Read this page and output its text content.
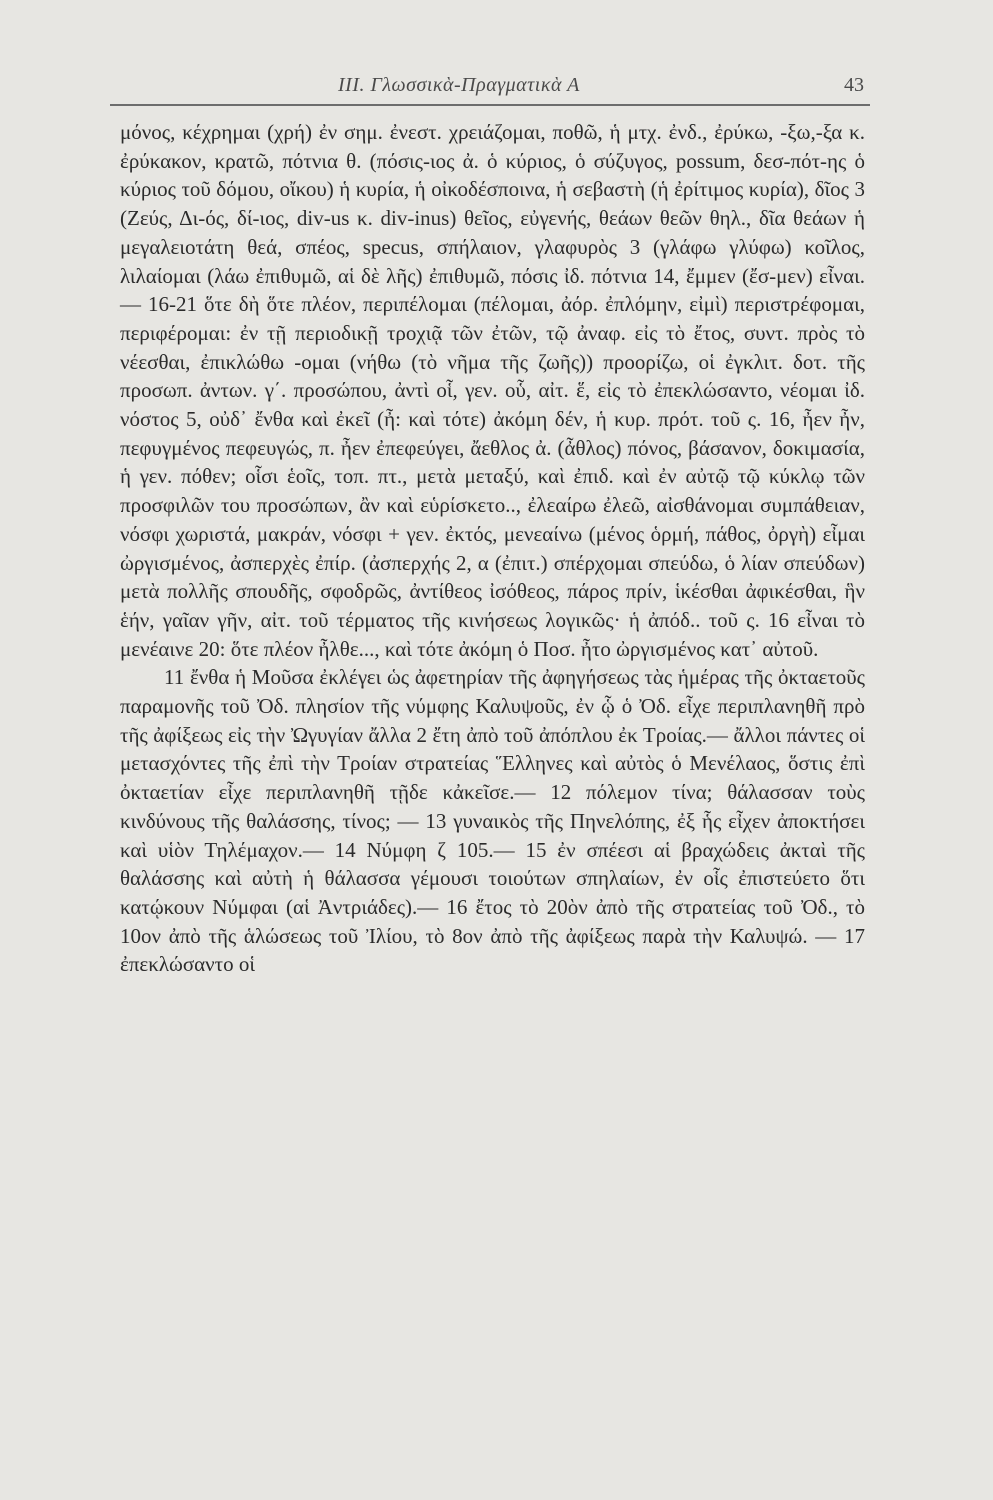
III. Γλωσσικὰ-Πραγματικὰ Α	43

μόνος, κέχρημαι (χρή) ἐν σημ. ἐνεστ. χρειάζομαι, ποθῶ, ἡ μτχ. ἐνδ., ἐρύκω, -ξω,-ξα κ. ἐρύκακον, κρατῶ, πότνια θ. (πόσις-ιος ἀ. ὁ κύριος, ὁ σύζυγος, possum, δεσ-πότ-ης ὁ κύριος τοῦ δόμου, οἴκου) ἡ κυρία, ἡ οἰκοδέσποινα, ἡ σεβαστὴ (ἡ ἐρίτιμος κυρία), δῖος 3 (Ζεύς, Δι-ός, δί-ιος, div-us κ. div-inus) θεῖος, εὐγενής, θεάων θεῶν θηλ., δῖα θεάων ἡ μεγαλειοτάτη θεά, σπέος, specus, σπήλαιον, γλαφυρὸς 3 (γλάφω γλύφω) κοῖλος, λιλαίομαι (λάω ἐπιθυμῶ, αἱ δὲ λῆς) ἐπιθυμῶ, πόσις ἰδ. πότνια 14, ἔμμεν (ἔσ-μεν) εἶναι.— 16-21 ὅτε δὴ ὅτε πλέον, περιπέλομαι (πέλομαι, ἀόρ. ἐπλόμην, εἰμὶ) περιστρέφομαι, περιφέρομαι: ἐν τῇ περιοδικῇ τροχιᾷ τῶν ἐτῶν, τῷ ἀναφ. εἰς τὸ ἔτος, συντ. πρὸς τὸ νέεσθαι, ἐπικλώθω -ομαι (νήθω (τὸ νῆμα τῆς ζωῆς)) προορίζω, οἱ ἐγκλιτ. δοτ. τῆς προσωπ. ἀντων. γ΄. προσώπου, ἀντὶ οἷ, γεν. οὗ, αἰτ. ἕ, εἰς τὸ ἐπεκλώσαντο, νέομαι ἰδ. νόστος 5, οὐδ᾽ ἔνθα καὶ ἐκεῖ (ἦ: καὶ τότε) ἀκόμη δέν, ἡ κυρ. πρότ. τοῦ ς. 16, ἦεν ἦν, πεφυγμένος πεφευγώς, π. ἦεν ἐπεφεύγει, ἄεθλος ἀ. (ἆθλος) πόνος, βάσανον, δοκιμασία, ἡ γεν. πόθεν; οἷσι ἑοῖς, τοπ. πτ., μετὰ μεταξύ, καὶ ἐπιδ. καὶ ἐν αὐτῷ τῷ κύκλῳ τῶν προσφιλῶν του προσώπων, ἂν καὶ εὑρίσκετο.., ἐλεαίρω ἐλεῶ, αἰσθάνομαι συμπάθειαν, νόσφι χωριστά, μακράν, νόσφι + γεν. ἐκτός, μενεαίνω (μένος ὁρμή, πάθος, ὀργὴ) εἶμαι ὠργισμένος, ἀσπερχὲς ἐπίρ. (ἀσπερχής 2, α (ἐπιτ.) σπέρχομαι σπεύδω, ὁ λίαν σπεύδων) μετὰ πολλῆς σπουδῆς, σφοδρῶς, ἀντίθεος ἰσόθεος, πάρος πρίν, ἱκέσθαι ἀφικέσθαι, ἣν ἑήν, γαῖαν γῆν, αἰτ. τοῦ τέρματος τῆς κινήσεως λογικῶς· ἡ ἀπόδ.. τοῦ ς. 16 εἶναι τὸ μενέαινε 20: ὅτε πλέον ἦλθε..., καὶ τότε ἀκόμη ὁ Ποσ. ἦτο ὠργισμένος κατ᾽ αὐτοῦ.

11 ἔνθα ἡ Μοῦσα ἐκλέγει ὡς ἀφετηρίαν τῆς ἀφηγήσεως τὰς ἡμέρας τῆς ὀκταετοῦς παραμονῆς τοῦ Ὀδ. πλησίον τῆς νύμφης Καλυψοῦς, ἐν ᾧ ὁ Ὀδ. εἶχε περιπλανηθῆ πρὸ τῆς ἀφίξεως εἰς τὴν Ὠγυγίαν ἄλλα 2 ἔτη ἀπὸ τοῦ ἀπόπλου ἐκ Τροίας.— ἄλλοι πάντες οἱ μετασχόντες τῆς ἐπὶ τὴν Τροίαν στρατείας Ἕλληνες καὶ αὐτὸς ὁ Μενέλαος, ὅστις ἐπὶ ὀκταετίαν εἶχε περιπλανηθῆ τῇδε κἀκεῖσε.— 12 πόλεμον τίνα; θάλασσαν τοὺς κινδύνους τῆς θαλάσσης, τίνος; — 13 γυναικὸς τῆς Πηνελόπης, ἐξ ἧς εἶχεν ἀποκτήσει καὶ υἱὸν Τηλέμαχον.— 14 Νύμφη ζ 105.— 15 ἐν σπέεσι αἱ βραχώδεις ἀκταὶ τῆς θαλάσσης καὶ αὐτὴ ἡ θάλασσα γέμουσι τοιούτων σπηλαίων, ἐν οἷς ἐπιστεύετο ὅτι κατῴκουν Νύμφαι (αἱ Ἀντριάδες).— 16 ἔτος τὸ 20ὸν ἀπὸ τῆς στρατείας τοῦ Ὀδ., τὸ 10ον ἀπὸ τῆς ἁλώσεως τοῦ Ἰλίου, τὸ 8ον ἀπὸ τῆς ἀφίξεως παρὰ τὴν Καλυψώ. — 17 ἐπεκλώσαντο οἱ
